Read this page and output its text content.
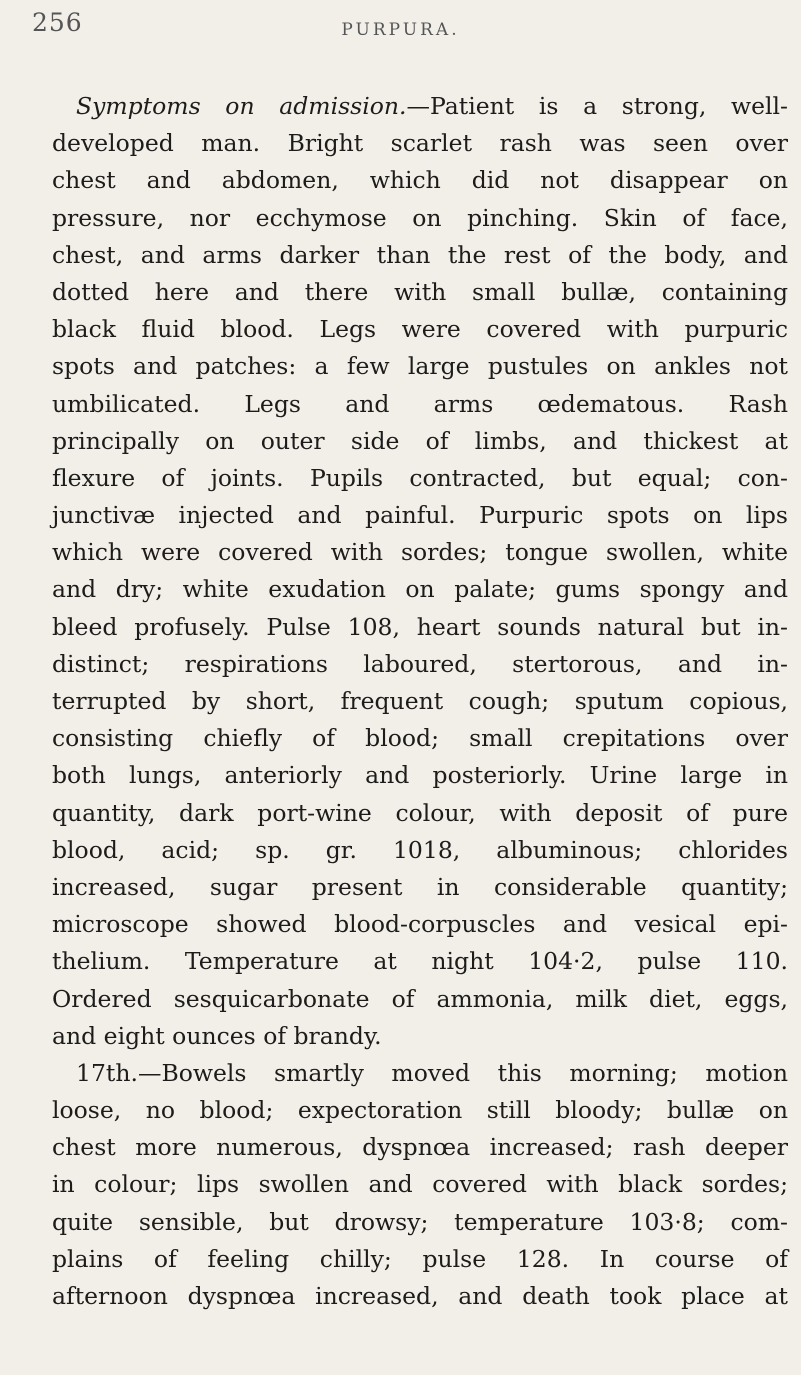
256	PURPURA.
Symptoms on admission.—Patient is a strong, well-
developed man. Bright scarlet rash was seen over
chest and abdomen, which did not disappear on
pressure, nor ecchymose on pinching. Skin of face,
chest, and arms darker than the rest of the body, and
dotted here and there with small bullæ, containing
black fluid blood. Legs were covered with purpuric
spots and patches: a few large pustules on ankles not
umbilicated. Legs and arms œdematous. Rash
principally on outer side of limbs, and thickest at
flexure of joints. Pupils contracted, but equal; con-
junctivæ injected and painful. Purpuric spots on lips
which were covered with sordes; tongue swollen, white
and dry; white exudation on palate; gums spongy and
bleed profusely. Pulse 108, heart sounds natural but in-
distinct; respirations laboured, stertorous, and in-
terrupted by short, frequent cough; sputum copious,
consisting chiefly of blood; small crepitations over
both lungs, anteriorly and posteriorly. Urine large in
quantity, dark port-wine colour, with deposit of pure
blood, acid; sp. gr. 1018, albuminous; chlorides
increased, sugar present in considerable quantity;
microscope showed blood-corpuscles and vesical epi-
thelium. Temperature at night 104·2, pulse 110.
Ordered sesquicarbonate of ammonia, milk diet, eggs,
and eight ounces of brandy.
17th.—Bowels smartly moved this morning; motion
loose, no blood; expectoration still bloody; bullæ on
chest more numerous, dyspnœa increased; rash deeper
in colour; lips swollen and covered with black sordes;
quite sensible, but drowsy; temperature 103·8; com-
plains of feeling chilly; pulse 128. In course of
afternoon dyspnœa increased, and death took place at
